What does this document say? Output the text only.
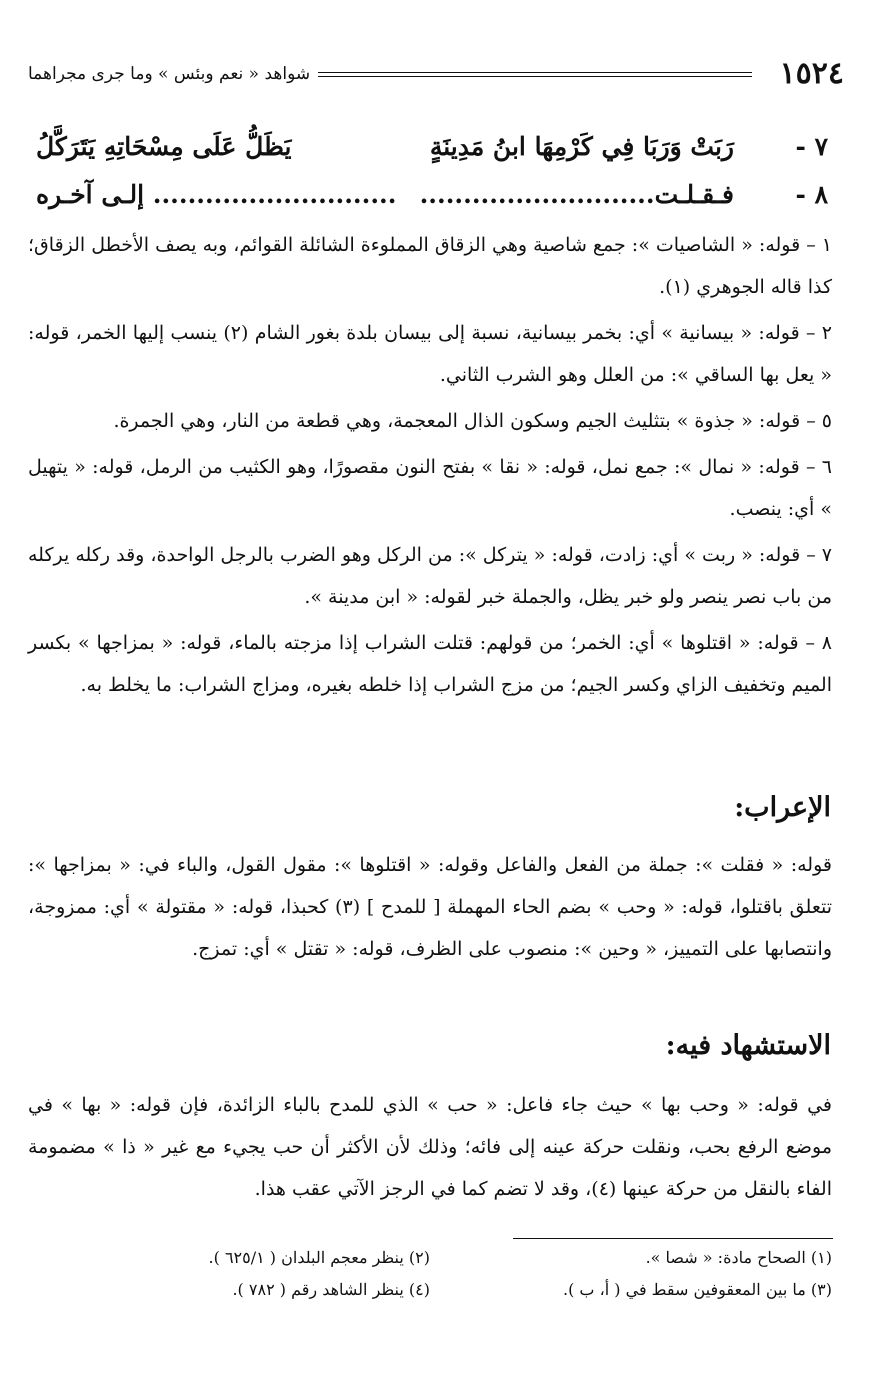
شواهد « نعم وبئس » وما جرى مجراهما	١٥٢٤
٧ -
رَبَتْ وَرَبَا فِي كَرْمِهَا ابنُ مَدِينَةٍ
يَظَلُّ عَلَى مِسْحَاتِهِ يَتَرَكَّلُ
٨ -
فـقـلـت...........................
............................ إلـى آخـره

١ – قوله: « الشاصيات »: جمع شاصية وهي الزقاق المملوءة الشائلة القوائم، وبه يصف الأخطل الزقاق؛ كذا قاله الجوهري (١).

٢ – قوله: « بيسانية » أي: بخمر بيسانية، نسبة إلى بيسان بلدة بغور الشام (٢) ينسب إليها الخمر، قوله: « يعل بها الساقي »: من العلل وهو الشرب الثاني.

٥ – قوله: « جذوة » بتثليث الجيم وسكون الذال المعجمة، وهي قطعة من النار، وهي الجمرة.

٦ – قوله: « نمال »: جمع نمل، قوله: « نقا » بفتح النون مقصورًا، وهو الكثيب من الرمل، قوله: « يتهيل » أي: ينصب.

٧ – قوله: « ربت » أي: زادت، قوله: « يتركل »: من الركل وهو الضرب بالرجل الواحدة، وقد ركله يركله من باب نصر ينصر ولو خبر يظل، والجملة خبر لقوله: « ابن مدينة ».

٨ – قوله: « اقتلوها » أي: الخمر؛ من قولهم: قتلت الشراب إذا مزجته بالماء، قوله: « بمزاجها » بكسر الميم وتخفيف الزاي وكسر الجيم؛ من مزج الشراب إذا خلطه بغيره، ومزاج الشراب: ما يخلط به.

الإعراب:

قوله: « فقلت »: جملة من الفعل والفاعل وقوله: « اقتلوها »: مقول القول، والباء في: « بمزاجها »: تتعلق باقتلوا، قوله: « وحب » بضم الحاء المهملة [ للمدح ] (٣) كحبذا، قوله: « مقتولة » أي: ممزوجة، وانتصابها على التمييز، « وحين »: منصوب على الظرف، قوله: « تقتل » أي: تمزج.

الاستشهاد فيه:

في قوله: « وحب بها » حيث جاء فاعل: « حب » الذي للمدح بالباء الزائدة، فإن قوله: « بها » في موضع الرفع بحب، ونقلت حركة عينه إلى فائه؛ وذلك لأن الأكثر أن حب يجيء مع غير « ذا » مضمومة الفاء بالنقل من حركة عينها (٤)، وقد لا تضم كما في الرجز الآتي عقب هذا.

(١) الصحاح مادة: « شصا ».
(٢) ينظر معجم البلدان ( ٦٢٥/١ ).
(٣) ما بين المعقوفين سقط في ( أ، ب ).
(٤) ينظر الشاهد رقم ( ٧٨٢ ).
